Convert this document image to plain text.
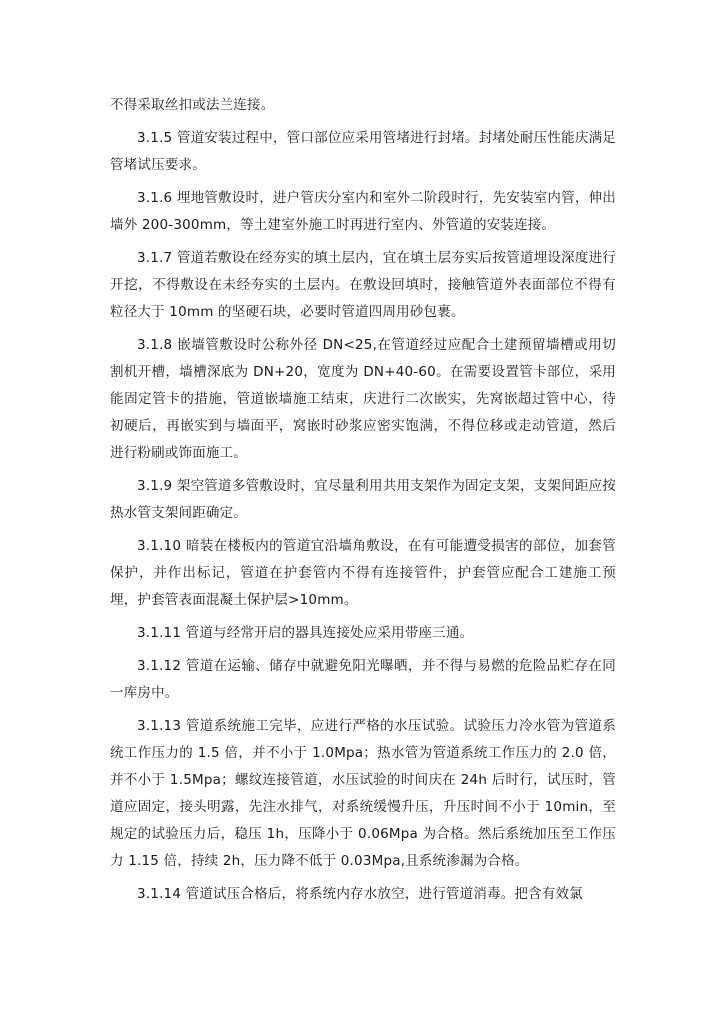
不得采取丝扣或法兰连接。

3.1.5 管道安装过程中，管口部位应采用管堵进行封堵。封堵处耐压性能庆满足管堵试压要求。

3.1.6 埋地管敷设时，进户管庆分室内和室外二阶段时行，先安装室内管，伸出墙外 200-300mm，等土建室外施工时再进行室内、外管道的安装连接。

3.1.7 管道若敷设在经夯实的填土层内，宜在填土层夯实后按管道埋设深度进行开挖，不得敷设在未经夯实的土层内。在敷设回填时，接触管道外表面部位不得有粒径大于 10mm 的坚硬石块，必要时管道四周用砂包裹。

3.1.8 嵌墙管敷设时公称外径 DN<25,在管道经过应配合土建预留墙槽或用切割机开槽，墙槽深底为 DN+20，宽度为 DN+40-60。在需要设置管卡部位，采用能固定管卡的措施，管道嵌墙施工结束，庆进行二次嵌实，先窝嵌超过管中心，待初硬后，再嵌实到与墙面平，窝嵌时砂浆应密实饱满，不得位移或走动管道，然后进行粉刷或饰面施工。

3.1.9 架空管道多管敷设时，宜尽量利用共用支架作为固定支架，支架间距应按热水管支架间距确定。

3.1.10 暗装在楼板内的管道宜沿墙角敷设，在有可能遭受损害的部位，加套管保护，并作出标记，管道在护套管内不得有连接管件，护套管应配合工建施工预埋，护套管表面混凝土保护层>10mm。

3.1.11 管道与经常开启的器具连接处应采用带座三通。

3.1.12 管道在运输、储存中就避免阳光曝晒，并不得与易燃的危险品贮存在同一库房中。

3.1.13 管道系统施工完毕，应进行严格的水压试验。试验压力冷水管为管道系统工作压力的 1.5 倍，并不小于 1.0Mpa；热水管为管道系统工作压力的 2.0 倍，并不小于 1.5Mpa；螺纹连接管道，水压试验的时间庆在 24h 后时行，试压时，管道应固定，接头明露，先注水排气，对系统缓慢升压，升压时间不小于 10min，至规定的试验压力后，稳压 1h，压降小于 0.06Mpa 为合格。然后系统加压至工作压力 1.15 倍，持续 2h，压力降不低于 0.03Mpa,且系统渗漏为合格。

3.1.14 管道试压合格后，将系统内存水放空，进行管道消毒。把含有效氯
